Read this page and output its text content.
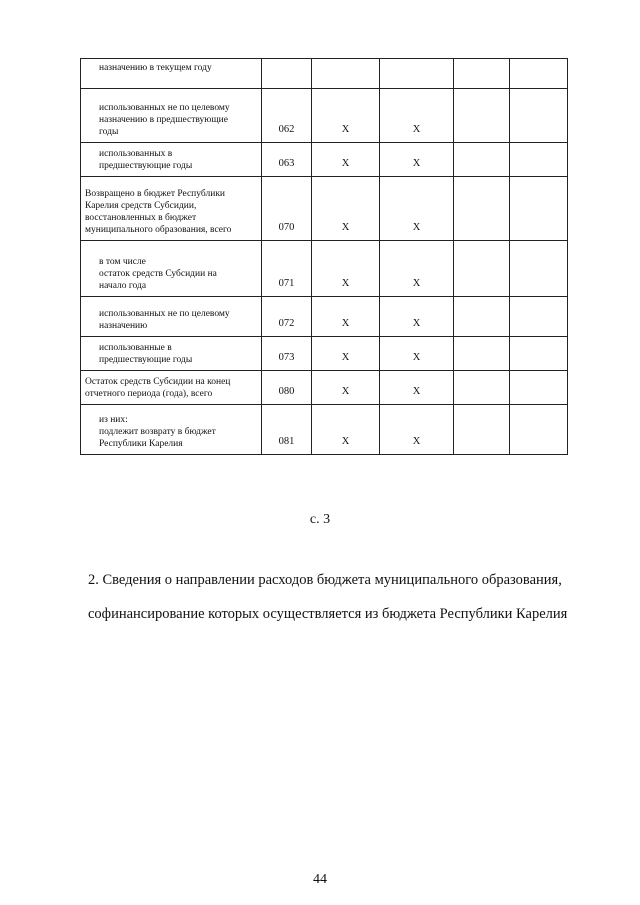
назначению в текущем году					

использованных не по целевому
назначению в предшествующие
годы	062	Х	Х		

использованных в
предшествующие годы	063	Х	Х		

Возвращено в бюджет Республики
Карелия средств Субсидии,
восстановленных в бюджет
муниципального образования, всего	070	Х	Х		

в том числе
остаток средств Субсидии на
начало года	071	Х	Х		

использованных не по целевому
назначению	072	Х	Х		

использованные в
предшествующие годы	073	Х	Х		

Остаток средств Субсидии на конец
отчетного периода (года), всего	080	Х	Х		

из них:
подлежит возврату в бюджет
Республики Карелия	081	Х	Х		
с. 3
2. Сведения о направлении расходов бюджета муниципального образования,
софинансирование которых осуществляется из бюджета Республики Карелия
44
